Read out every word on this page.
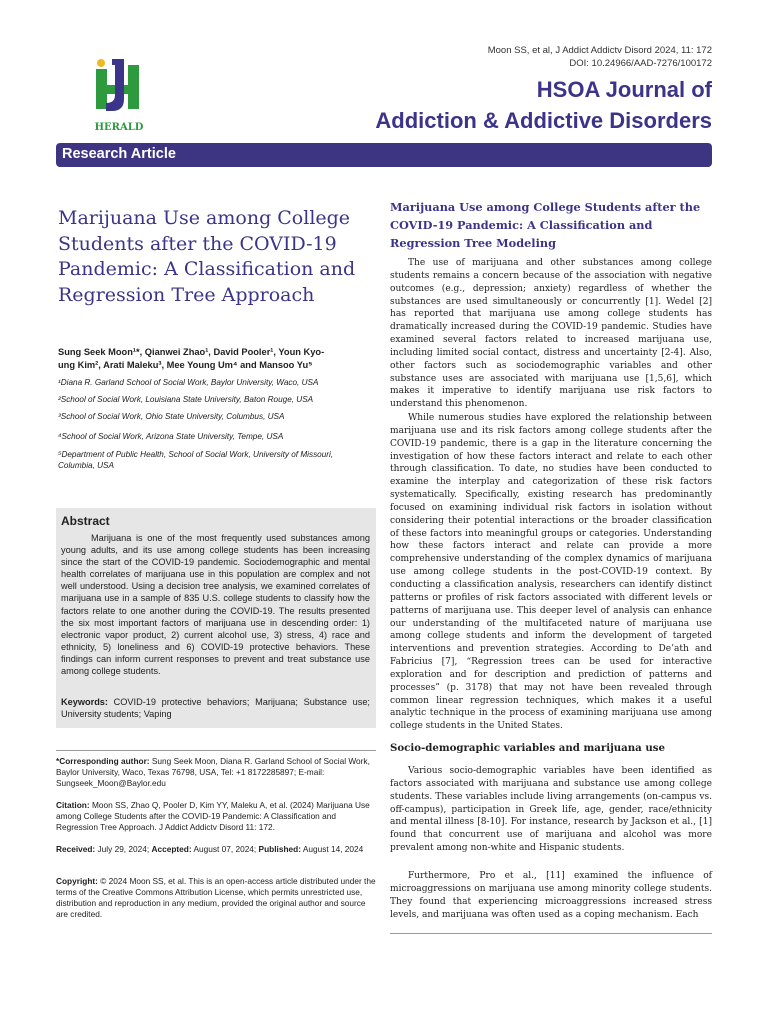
HERALD
Moon SS, et al, J Addict Addictv Disord 2024, 11: 172
DOI: 10.24966/AAD-7276/100172
HSOA Journal of
Addiction & Addictive Disorders
Research Article
Marijuana Use among College Students after the COVID-19 Pandemic: A Classification and Regression Tree Approach
Sung Seek Moon¹*, Qianwei Zhao¹, David Pooler¹, Youn Kyo-
ung Kim², Arati Maleku³, Mee Young Um⁴ and Mansoo Yu⁵
¹Diana R. Garland School of Social Work, Baylor University, Waco, USA
²School of Social Work, Louisiana State University, Baton Rouge, USA
³School of Social Work, Ohio State University, Columbus, USA
⁴School of Social Work, Arizona State University, Tempe, USA
⁵Department of Public Health, School of Social Work, University of Missouri, Columbia, USA
Abstract

Marijuana is one of the most frequently used substances among young adults, and its use among college students has been increasing since the start of the COVID-19 pandemic. Sociodemographic and mental health correlates of marijuana use in this population are complex and not well understood. Using a decision tree analysis, we examined correlates of marijuana use in a sample of 835 U.S. college students to classify how the factors relate to one another during the COVID-19. The results presented the six most important factors of marijuana use in descending order: 1) electronic vapor product, 2) current alcohol use, 3) stress, 4) race and ethnicity, 5) loneliness and 6) COVID-19 protective behaviors. These findings can inform current responses to prevent and treat substance use among college students.

Keywords: COVID-19 protective behaviors; Marijuana; Substance use; University students; Vaping

*Corresponding author: Sung Seek Moon, Diana R. Garland School of Social Work, Baylor University, Waco, Texas 76798, USA, Tel: +1 8172285897; E-mail: Sungseek_Moon@Baylor.edu
Citation: Moon SS, Zhao Q, Pooler D, Kim YY, Maleku A, et al. (2024) Marijuana Use among College Students after the COVID-19 Pandemic: A Classification and Regression Tree Approach. J Addict Addictv Disord 11: 172.
Received: July 29, 2024; Accepted: August 07, 2024; Published: August 14, 2024
Copyright: © 2024 Moon SS, et al. This is an open-access article distributed under the terms of the Creative Commons Attribution License, which permits unrestricted use, distribution and reproduction in any medium, provided the original author and source are credited.
Marijuana Use among College Students after the COVID-19 Pandemic: A Classification and Regression Tree Modeling

The use of marijuana and other substances among college students remains a concern because of the association with negative outcomes (e.g., depression; anxiety) regardless of whether the substances are used simultaneously or concurrently [1]. Wedel [2] has reported that marijuana use among college students has dramatically increased during the COVID-19 pandemic. Studies have examined several factors related to increased marijuana use, including limited social contact, distress and uncertainty [2-4]. Also, other factors such as sociodemographic variables and other substance uses are associated with marijuana use [1,5,6], which makes it imperative to identify marijuana use risk factors to understand this phenomenon.

While numerous studies have explored the relationship between marijuana use and its risk factors among college students after the COVID-19 pandemic, there is a gap in the literature concerning the investigation of how these factors interact and relate to each other through classification. To date, no studies have been conducted to examine the interplay and categorization of these risk factors systematically. Specifically, existing research has predominantly focused on examining individual risk factors in isolation without considering their potential interactions or the broader classification of these factors into meaningful groups or categories. Understanding how these factors interact and relate can provide a more comprehensive understanding of the complex dynamics of marijuana use among college students in the post-COVID-19 context. By conducting a classification analysis, researchers can identify distinct patterns or profiles of risk factors associated with different levels or patterns of marijuana use. This deeper level of analysis can enhance our understanding of the multifaceted nature of marijuana use among college students and inform the development of targeted interventions and prevention strategies. According to De’ath and Fabricius [7], “Regression trees can be used for interactive exploration and for description and prediction of patterns and processes” (p. 3178) that may not have been revealed through common linear regression techniques, which makes it a useful analytic technique in the process of examining marijuana use among college students in the United States.

Socio-demographic variables and marijuana use

Various socio-demographic variables have been identified as factors associated with marijuana and substance use among college students. These variables include living arrangements (on-campus vs. off-campus), participation in Greek life, age, gender, race/ethnicity and mental illness [8-10]. For instance, research by Jackson et al., [1] found that concurrent use of marijuana and alcohol was more prevalent among non-white and Hispanic students.

Furthermore, Pro et al., [11] examined the influence of microaggressions on marijuana use among minority college students. They found that experiencing microaggressions increased stress levels, and marijuana was often used as a coping mechanism. Each
